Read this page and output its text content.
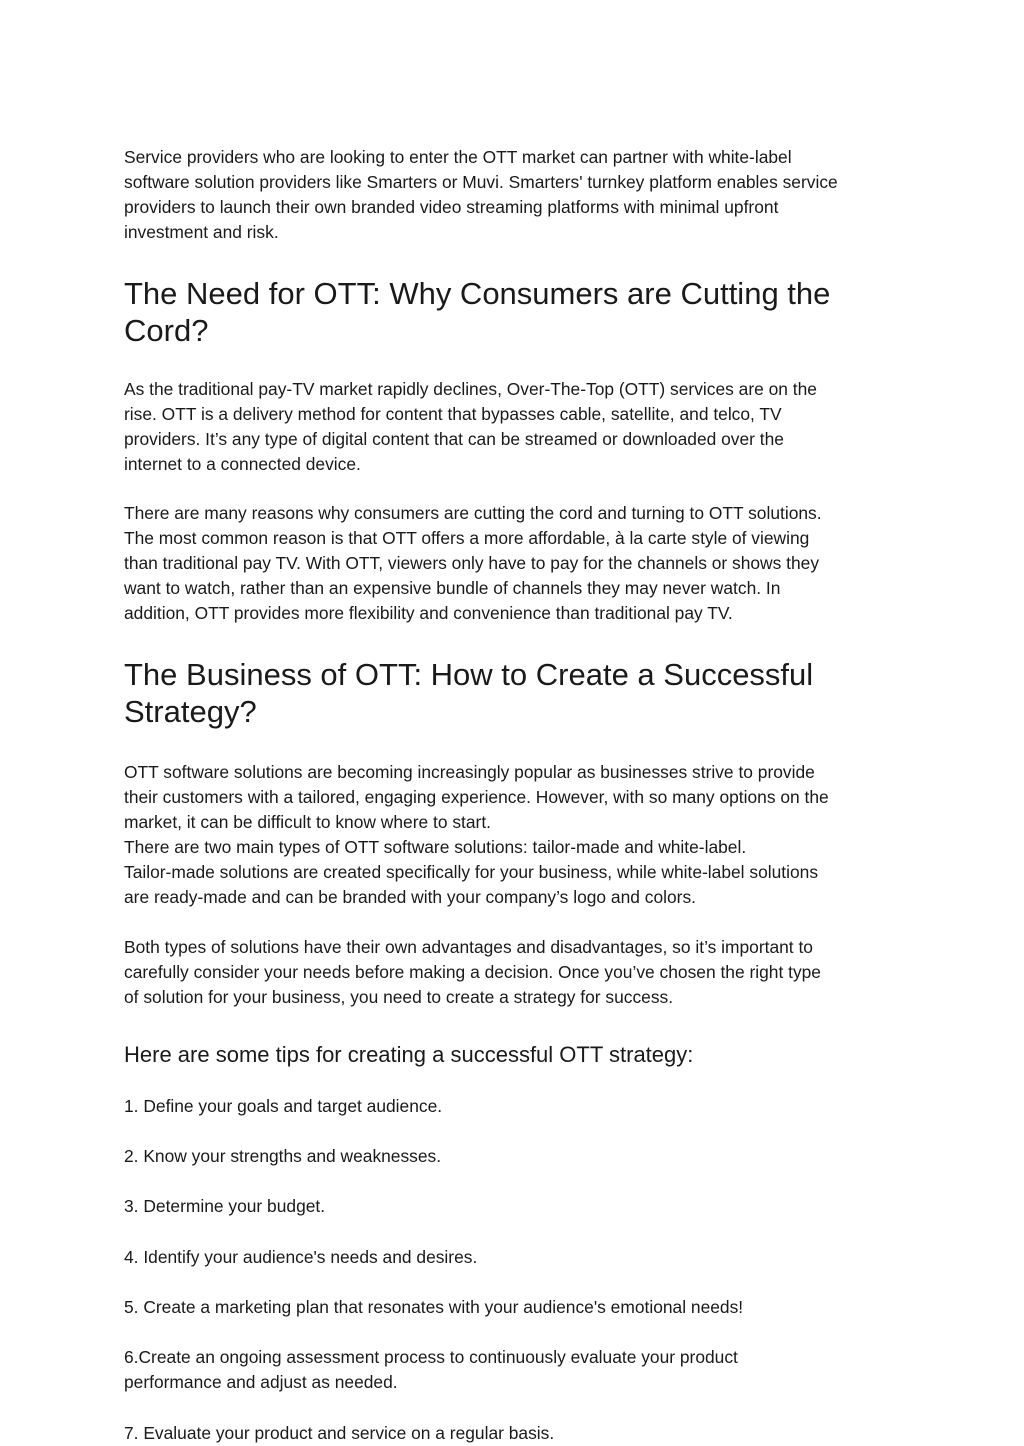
Service providers who are looking to enter the OTT market can partner with white-label
software solution providers like Smarters or Muvi. Smarters' turnkey platform enables service
providers to launch their own branded video streaming platforms with minimal upfront
investment and risk.

The Need for OTT: Why Consumers are Cutting the
Cord?

As the traditional pay-TV market rapidly declines, Over-The-Top (OTT) services are on the
rise. OTT is a delivery method for content that bypasses cable, satellite, and telco, TV
providers. It’s any type of digital content that can be streamed or downloaded over the
internet to a connected device.

There are many reasons why consumers are cutting the cord and turning to OTT solutions.
The most common reason is that OTT offers a more affordable, à la carte style of viewing
than traditional pay TV. With OTT, viewers only have to pay for the channels or shows they
want to watch, rather than an expensive bundle of channels they may never watch. In
addition, OTT provides more flexibility and convenience than traditional pay TV.

The Business of OTT: How to Create a Successful
Strategy?

OTT software solutions are becoming increasingly popular as businesses strive to provide
their customers with a tailored, engaging experience. However, with so many options on the
market, it can be difficult to know where to start.
There are two main types of OTT software solutions: tailor-made and white-label.
Tailor-made solutions are created specifically for your business, while white-label solutions
are ready-made and can be branded with your company’s logo and colors.

Both types of solutions have their own advantages and disadvantages, so it’s important to
carefully consider your needs before making a decision. Once you’ve chosen the right type
of solution for your business, you need to create a strategy for success.

Here are some tips for creating a successful OTT strategy:

1. Define your goals and target audience.

2. Know your strengths and weaknesses.

3. Determine your budget.

4. Identify your audience's needs and desires.

5. Create a marketing plan that resonates with your audience's emotional needs!

6.Create an ongoing assessment process to continuously evaluate your product
performance and adjust as needed.

7. Evaluate your product and service on a regular basis.
